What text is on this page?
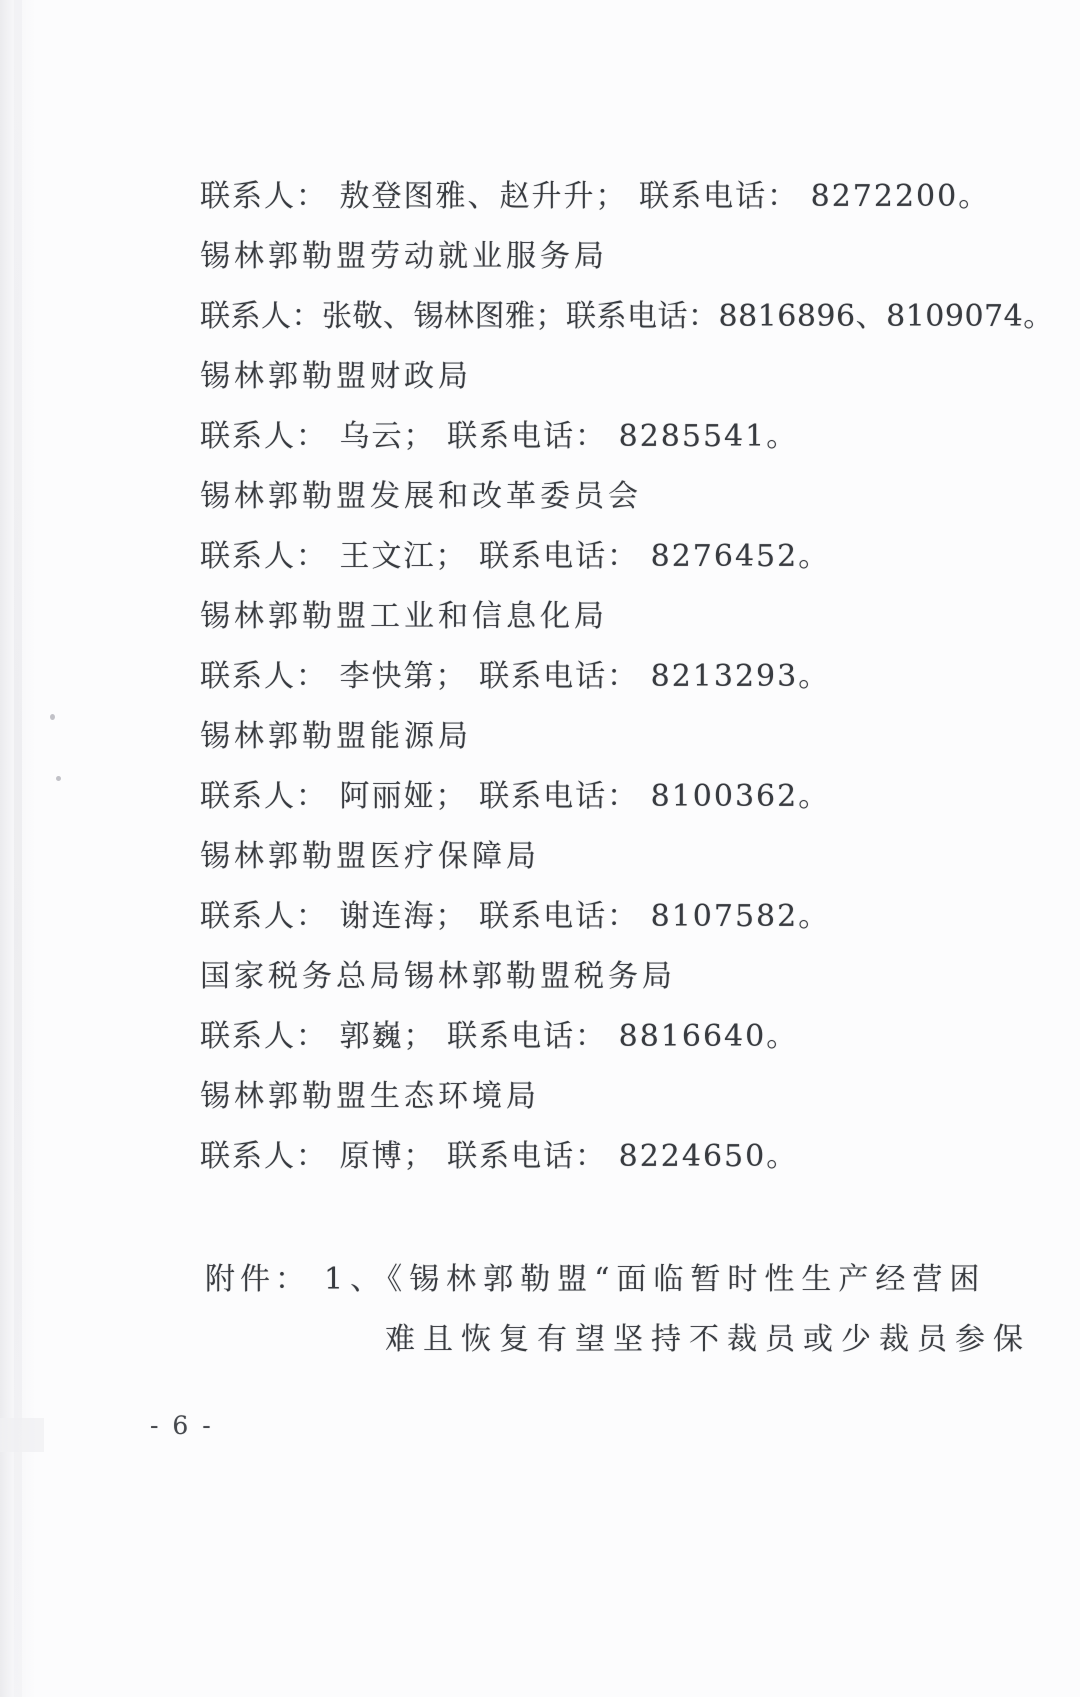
联系人： 敖登图雅、赵升升； 联系电话： 8272200。
锡林郭勒盟劳动就业服务局
联系人：张敬、锡林图雅；联系电话：8816896、8109074。
锡林郭勒盟财政局
联系人： 乌云； 联系电话： 8285541。
锡林郭勒盟发展和改革委员会
联系人： 王文江； 联系电话： 8276452。
锡林郭勒盟工业和信息化局
联系人： 李快第； 联系电话： 8213293。
锡林郭勒盟能源局
联系人： 阿丽娅； 联系电话： 8100362。
锡林郭勒盟医疗保障局
联系人： 谢连海； 联系电话： 8107582。
国家税务总局锡林郭勒盟税务局
联系人： 郭巍； 联系电话： 8816640。
锡林郭勒盟生态环境局
联系人： 原博； 联系电话： 8224650。
附件： 1、《锡林郭勒盟“面临暂时性生产经营困
难且恢复有望坚持不裁员或少裁员参保
- 6 -
